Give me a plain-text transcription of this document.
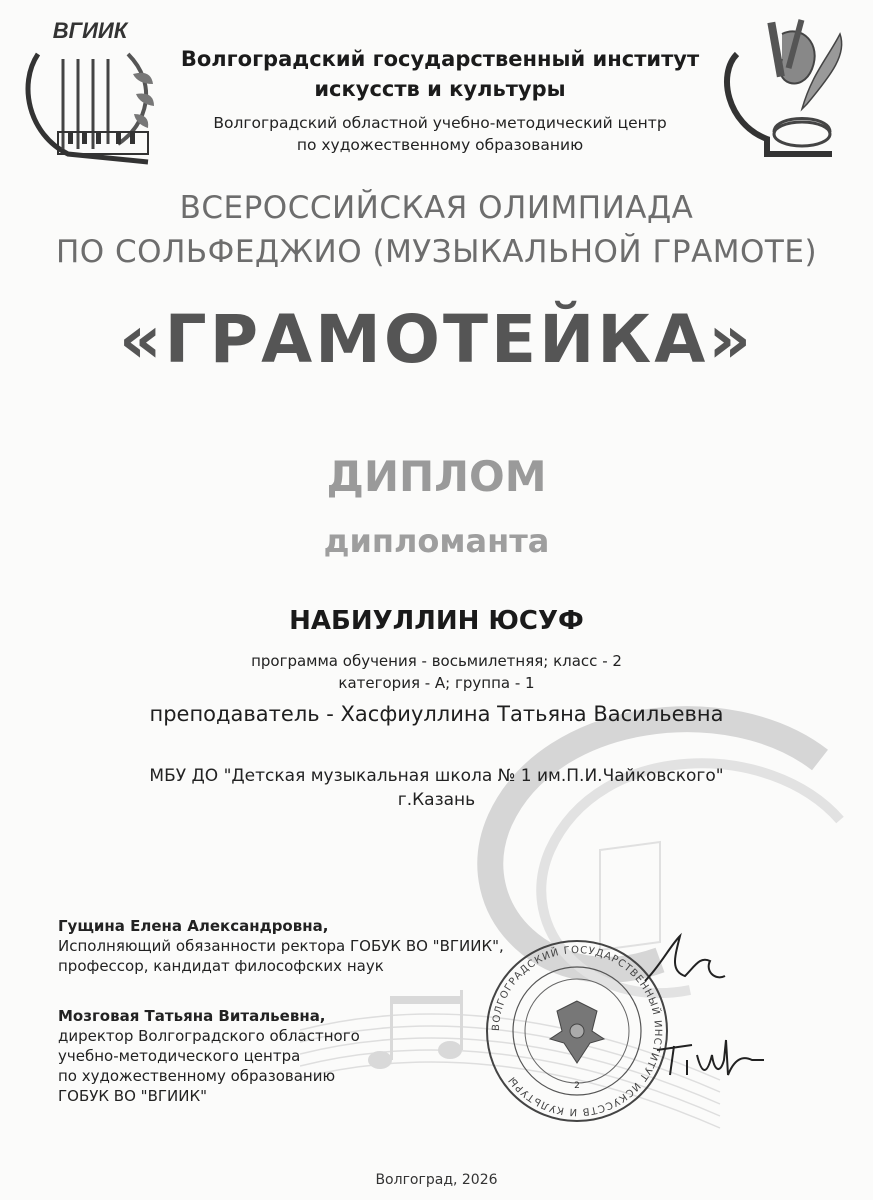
ВГИИК
Волгоградский государственный институт
искусств и культуры
Волгоградский областной учебно-методический центр
по художественному образованию
ВСЕРОССИЙСКАЯ ОЛИМПИАДА
ПО СОЛЬФЕДЖИО (МУЗЫКАЛЬНОЙ ГРАМОТЕ)
«ГРАМОТЕЙКА»
ДИПЛОМ
дипломанта
НАБИУЛЛИН ЮСУФ
программа обучения - восьмилетняя; класс - 2
категория - А; группа - 1
преподаватель - Хасфиуллина Татьяна Васильевна
МБУ ДО "Детская музыкальная школа № 1 им.П.И.Чайковского"
г.Казань
Гущина Елена Александровна,
Исполняющий обязанности ректора ГОБУК ВО "ВГИИК",
профессор, кандидат философских наук
Мозговая Татьяна Витальевна,
директор Волгоградского областного
учебно-методического центра
по художественному образованию
ГОБУК ВО "ВГИИК"
ВОЛГОГРАДСКИЙ ГОСУДАРСТВЕННЫЙ ИНСТИТУТ ИСКУССТВ И КУЛЬТУРЫ	2
Волгоград, 2026
